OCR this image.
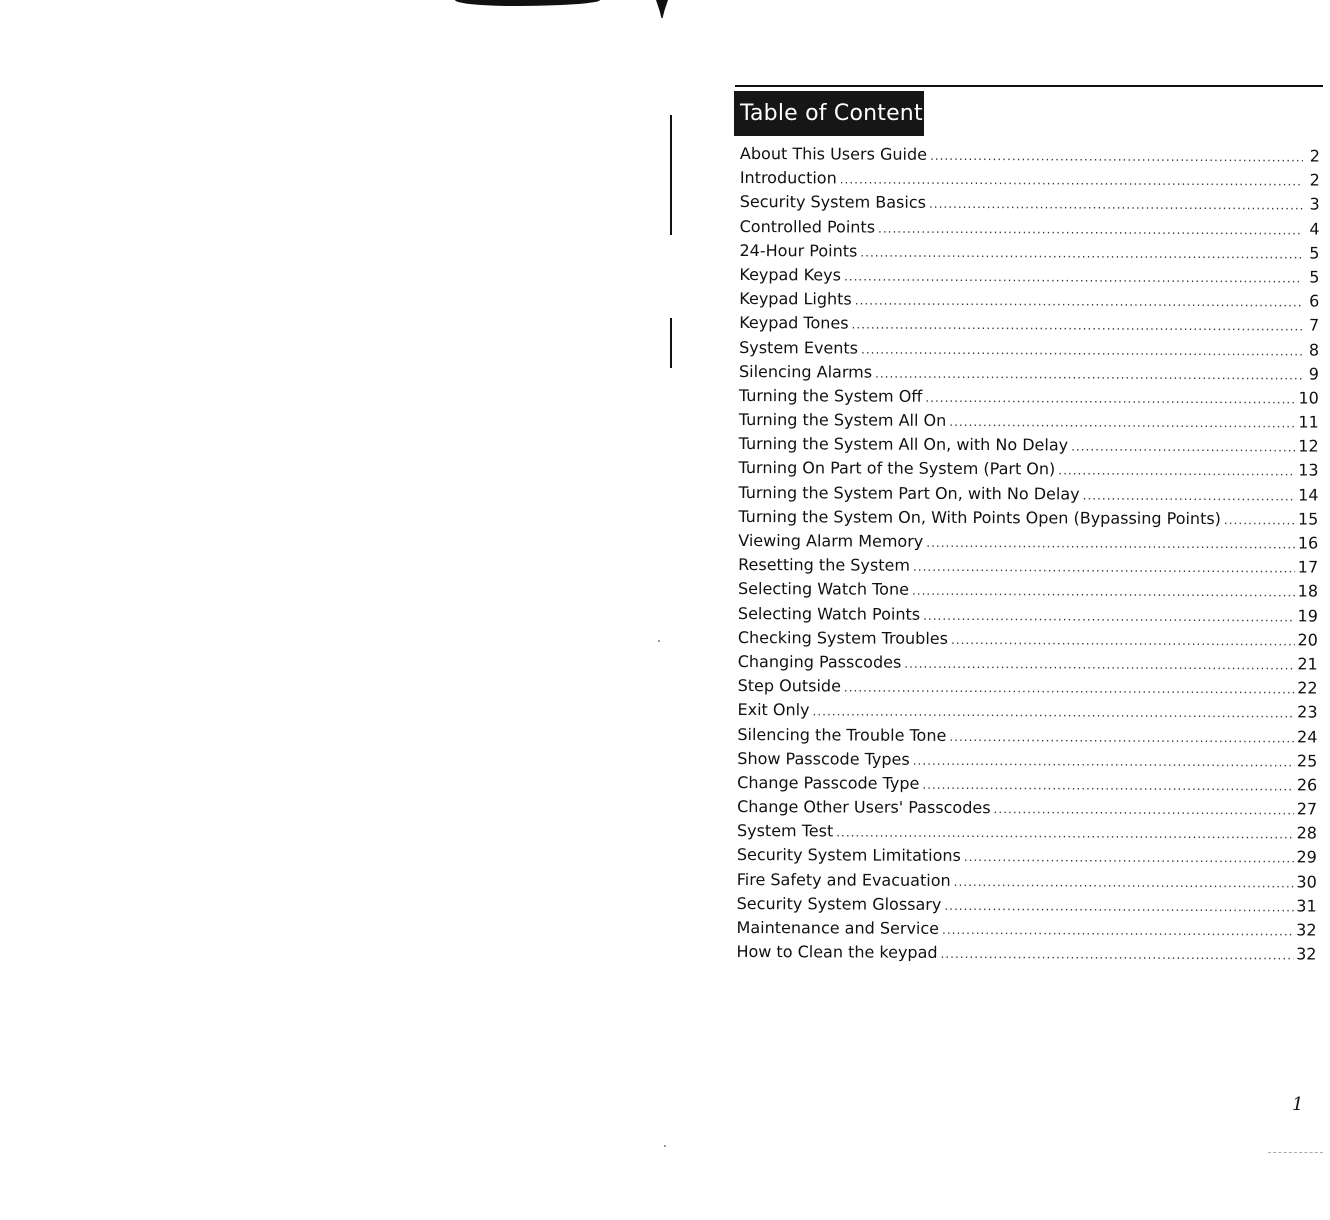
Table of Contents
About This Users Guide .....	2
Introduction .....	2
Security System Basics .....	3
Controlled Points .....	4
24-Hour Points .....	5
Keypad Keys .....	5
Keypad Lights .....	6
Keypad Tones .....	7
System Events .....	8
Silencing Alarms .....	9
Turning the System Off .....	10
Turning the System All On .....	11
Turning the System All On, with No Delay .....	12
Turning On Part of the System (Part On) .....	13
Turning the System Part On, with No Delay .....	14
Turning the System On, With Points Open (Bypassing Points) .....	15
Viewing Alarm Memory .....	16
Resetting the System .....	17
Selecting Watch Tone .....	18
Selecting Watch Points .....	19
Checking System Troubles .....	20
Changing Passcodes .....	21
Step Outside .....	22
Exit Only .....	23
Silencing the Trouble Tone .....	24
Show Passcode Types .....	25
Change Passcode Type .....	26
Change Other Users' Passcodes .....	27
System Test .....	28
Security System Limitations .....	29
Fire Safety and Evacuation .....	30
Security System Glossary .....	31
Maintenance and Service .....	32
How to Clean the keypad .....	32
1
